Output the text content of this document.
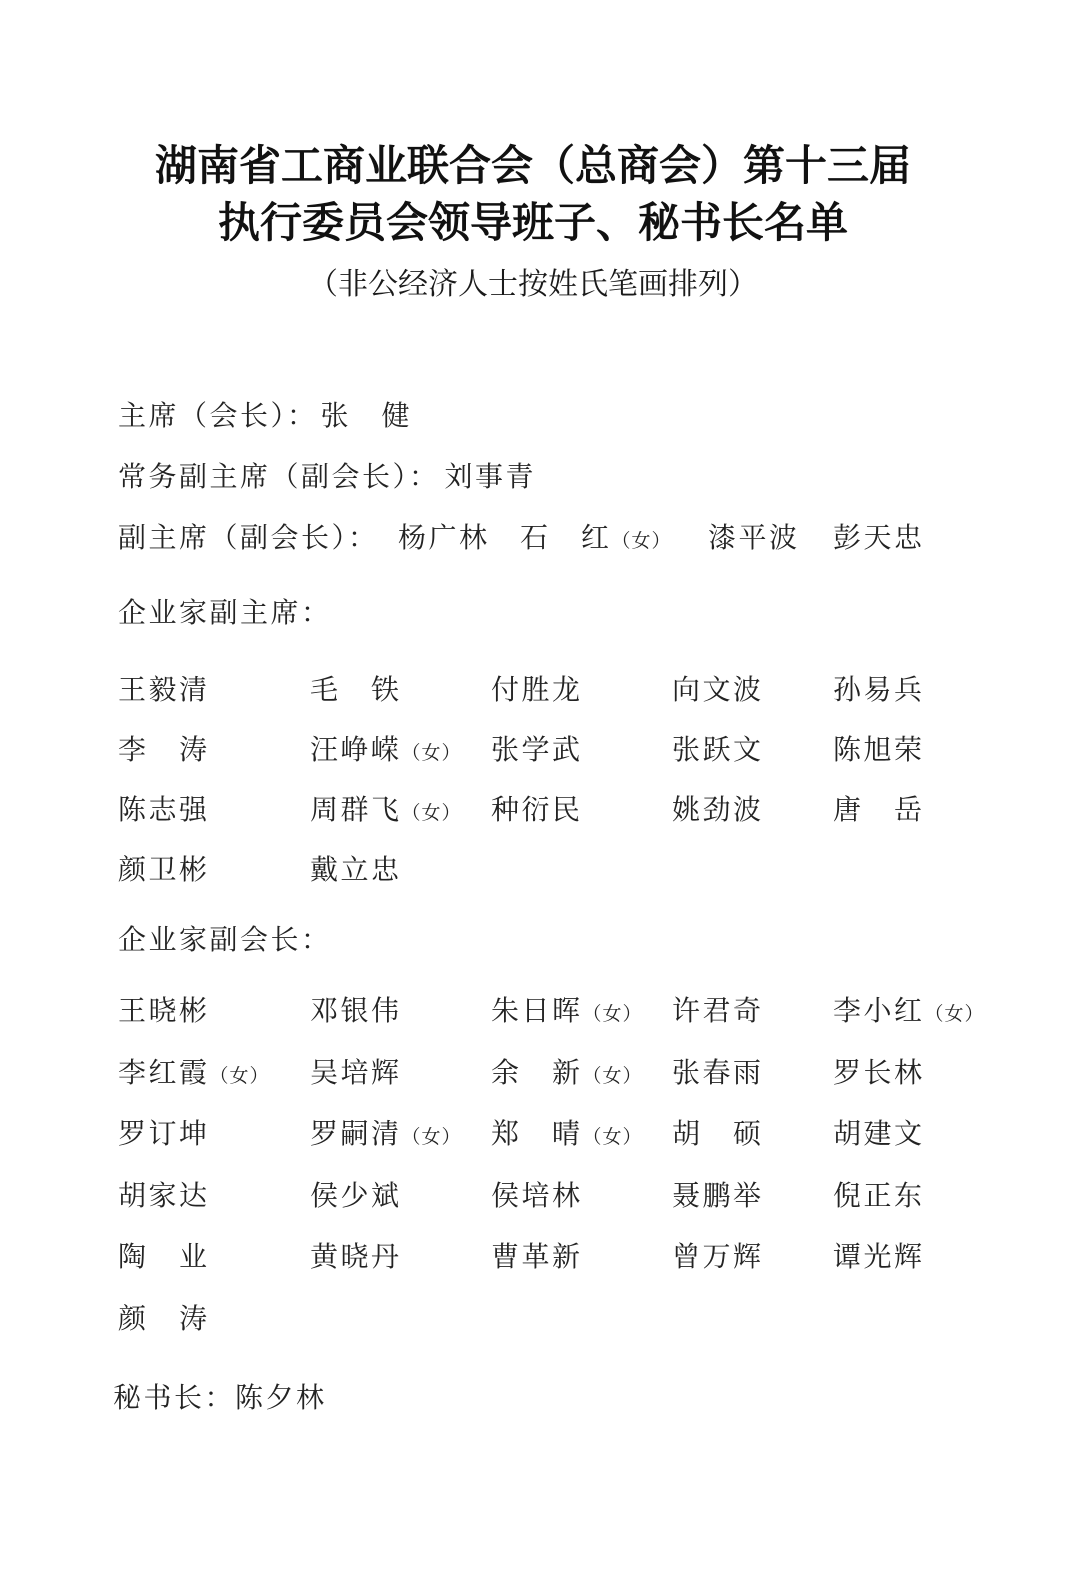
湖南省工商业联合会（总商会）第十三届
执行委员会领导班子、秘书长名单
（非公经济人士按姓氏笔画排列）
主席（会长）： 张　健
常务副主席（副会长）： 刘事青
副主席（副会长）： 杨广林 石　红（女） 漆平波 彭天忠
企业家副主席：
王毅清	毛　铁	付胜龙	向文波	孙易兵
李　涛	汪峥嵘（女）	张学武	张跃文	陈旭荣
陈志强	周群飞（女）	种衍民	姚劲波	唐　岳
颜卫彬	戴立忠
企业家副会长：
王晓彬	邓银伟	朱日晖（女）	许君奇	李小红（女）
李红霞（女）	吴培辉	余　新（女）	张春雨	罗长林
罗订坤	罗嗣清（女）	郑　晴（女）	胡　硕	胡建文
胡家达	侯少斌	侯培林	聂鹏举	倪正东
陶　业	黄晓丹	曹革新	曾万辉	谭光辉
颜　涛
秘书长：陈夕林
